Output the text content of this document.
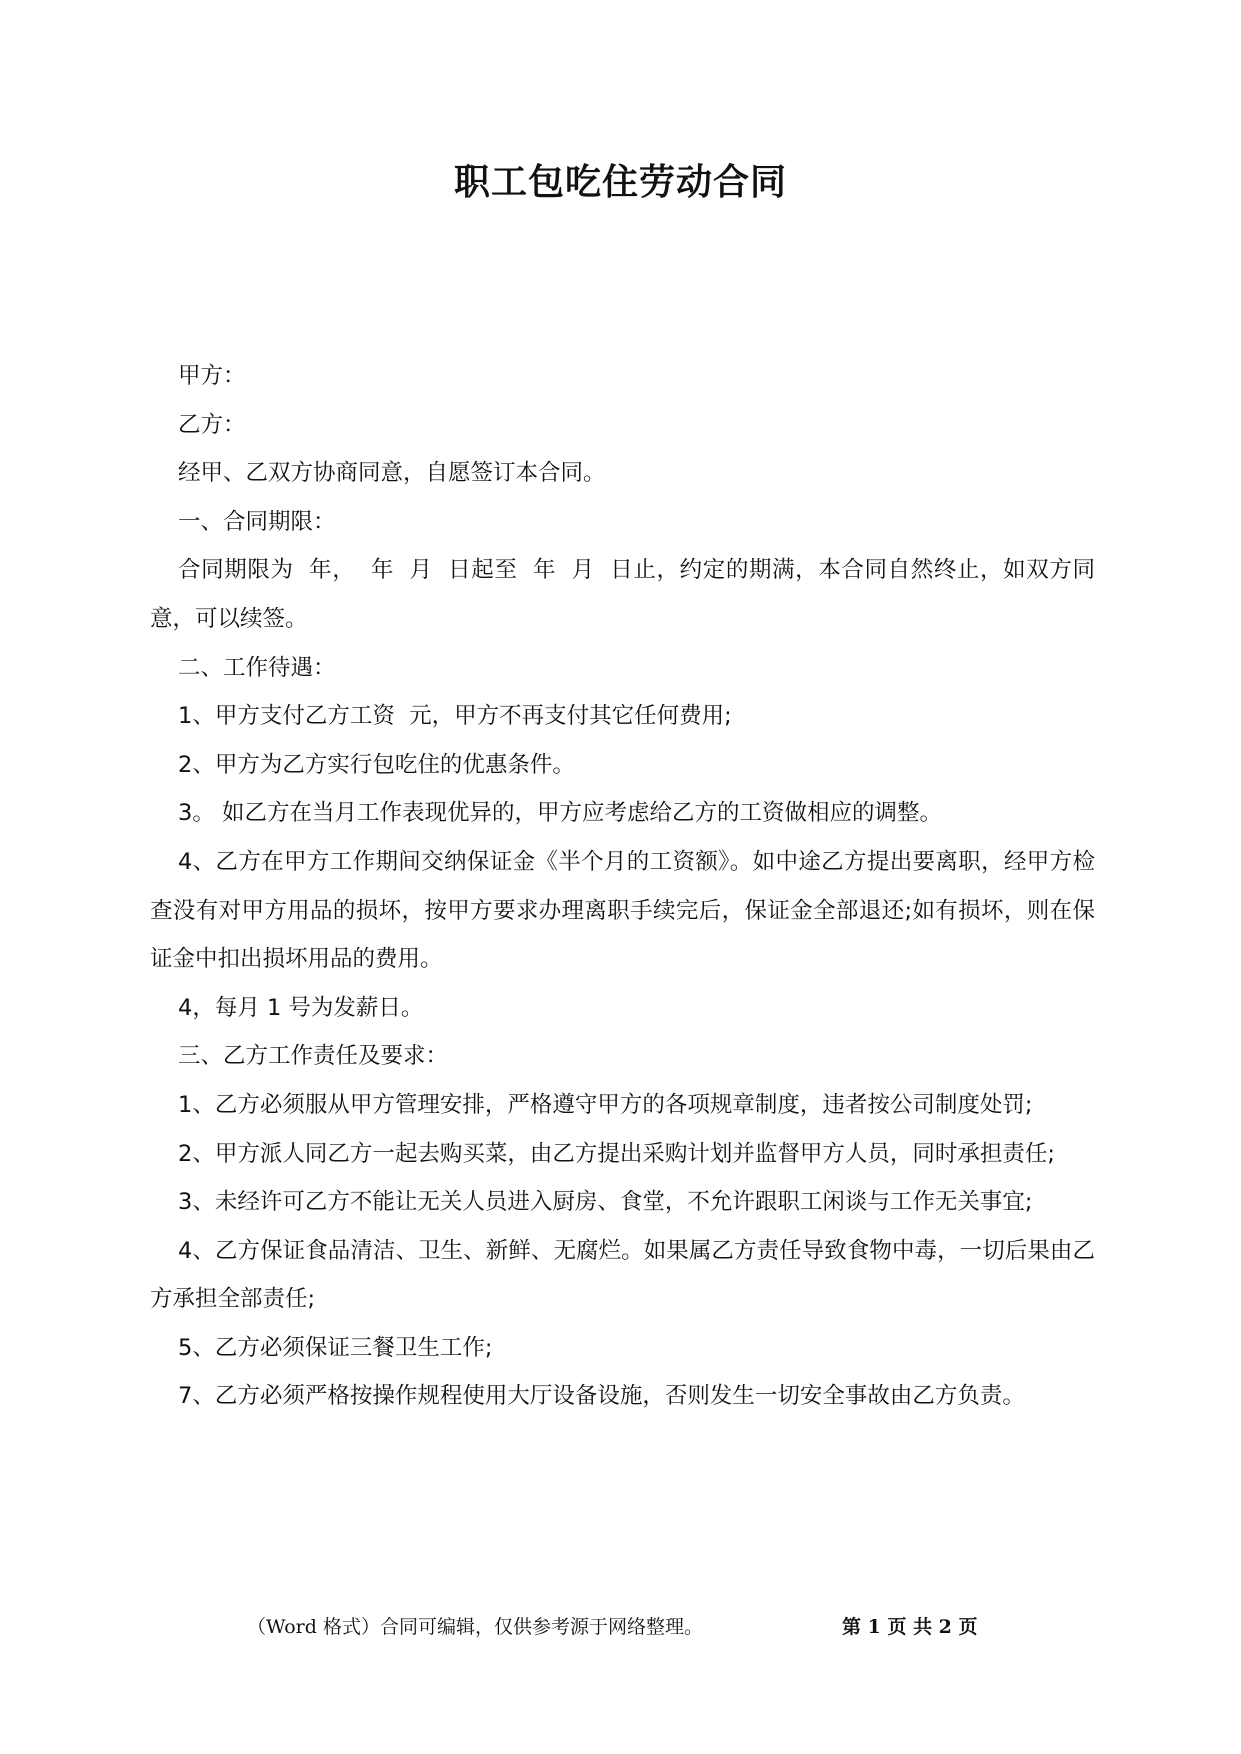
职工包吃住劳动合同

甲方：

乙方：

经甲、乙双方协商同意，自愿签订本合同。

一、合同期限：

合同期限为  年，  年  月  日起至  年  月  日止，约定的期满，本合同自然终止，如双方同意，可以续签。

二、工作待遇：

1、甲方支付乙方工资  元，甲方不再支付其它任何费用;

2、甲方为乙方实行包吃住的优惠条件。

3。 如乙方在当月工作表现优异的，甲方应考虑给乙方的工资做相应的调整。

4、乙方在甲方工作期间交纳保证金《半个月的工资额》。如中途乙方提出要离职，经甲方检查没有对甲方用品的损坏，按甲方要求办理离职手续完后，保证金全部退还;如有损坏，则在保证金中扣出损坏用品的费用。

4，每月 1 号为发薪日。

三、乙方工作责任及要求：

1、乙方必须服从甲方管理安排，严格遵守甲方的各项规章制度，违者按公司制度处罚;

2、甲方派人同乙方一起去购买菜，由乙方提出采购计划并监督甲方人员，同时承担责任;

3、未经许可乙方不能让无关人员进入厨房、食堂，不允许跟职工闲谈与工作无关事宜;

4、乙方保证食品清洁、卫生、新鲜、无腐烂。如果属乙方责任导致食物中毒，一切后果由乙方承担全部责任;

5、乙方必须保证三餐卫生工作;

7、乙方必须严格按操作规程使用大厅设备设施，否则发生一切安全事故由乙方负责。

（Word 格式）合同可编辑，仅供参考源于网络整理。	第 1 页 共 2 页
